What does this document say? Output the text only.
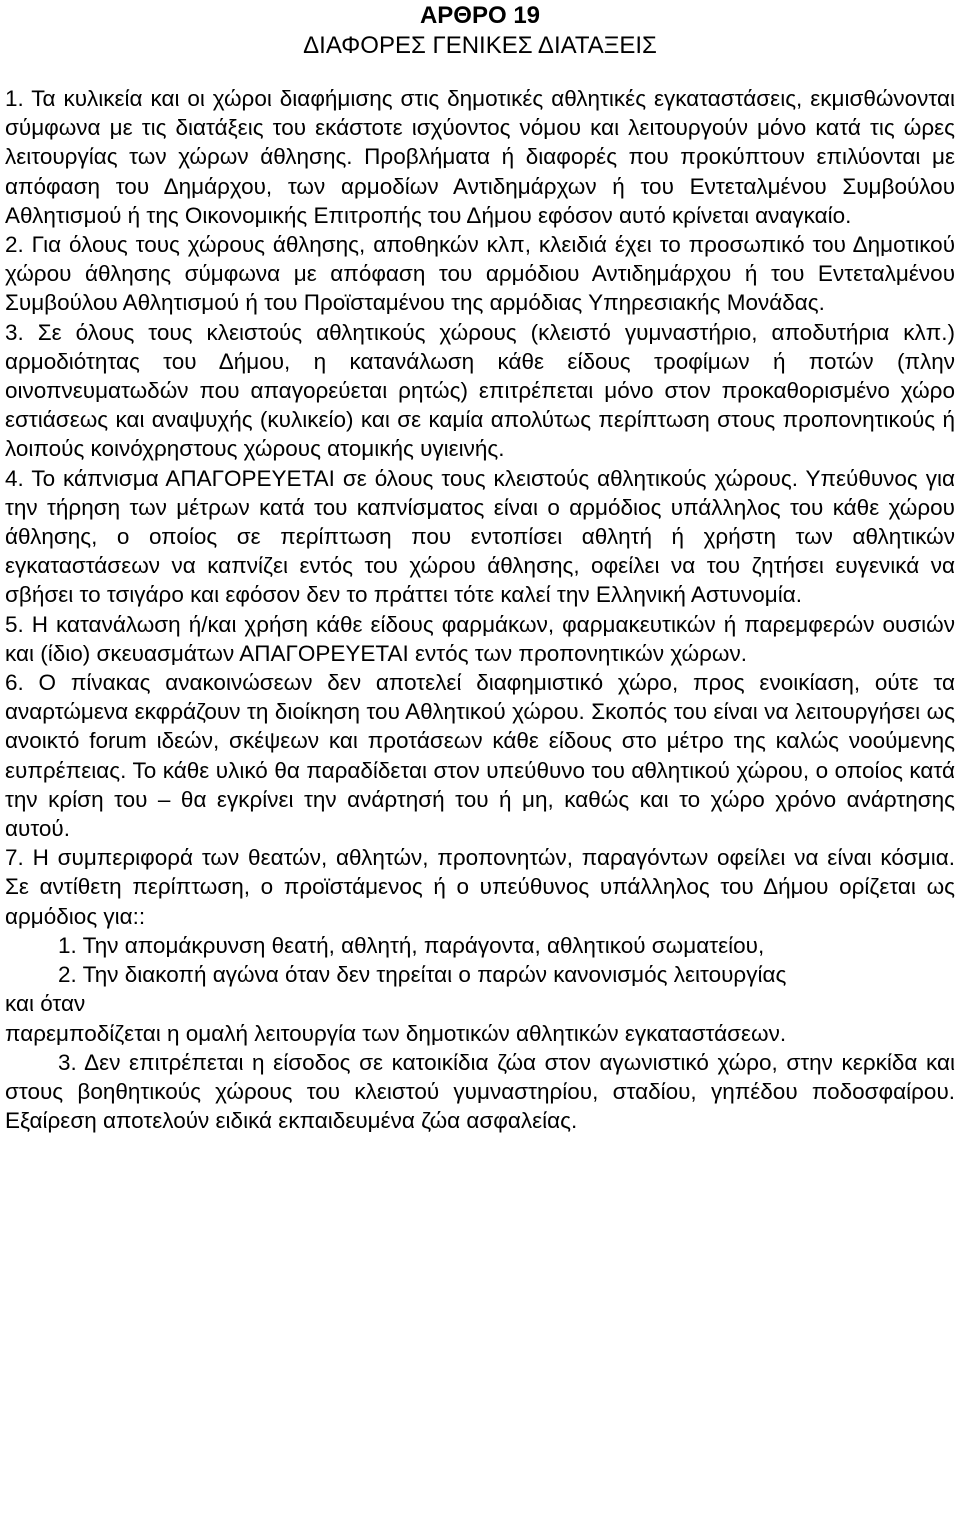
ΑΡΘΡΟ 19
ΔΙΑΦΟΡΕΣ ΓΕΝΙΚΕΣ ΔΙΑΤΑΞΕΙΣ

1. Τα κυλικεία και οι χώροι διαφήμισης στις δημοτικές αθλητικές εγκαταστάσεις, εκμισθώνονται σύμφωνα με τις διατάξεις του εκάστοτε ισχύοντος νόμου και λειτουργούν μόνο κατά τις ώρες λειτουργίας των χώρων άθλησης. Προβλήματα ή διαφορές που προκύπτουν επιλύονται με απόφαση του Δημάρχου, των αρμοδίων Αντιδημάρχων ή του Εντεταλμένου Συμβούλου Αθλητισμού ή της Οικονομικής Επιτροπής του Δήμου εφόσον αυτό κρίνεται αναγκαίο.

2. Για όλους τους χώρους άθλησης, αποθηκών κλπ, κλειδιά έχει το προσωπικό του Δημοτικού χώρου άθλησης σύμφωνα με απόφαση του αρμόδιου Αντιδημάρχου ή του Εντεταλμένου Συμβούλου Αθλητισμού ή του Προϊσταμένου της αρμόδιας Υπηρεσιακής Μονάδας.

3. Σε όλους τους κλειστούς αθλητικούς χώρους (κλειστό γυμναστήριο, αποδυτήρια κλπ.) αρμοδιότητας του Δήμου, η κατανάλωση κάθε είδους τροφίμων ή ποτών (πλην οινοπνευματωδών που απαγορεύεται ρητώς) επιτρέπεται μόνο στον προκαθορισμένο χώρο εστιάσεως και αναψυχής (κυλικείο) και σε καμία απολύτως περίπτωση στους προπονητικούς ή λοιπούς κοινόχρηστους χώρους ατομικής υγιεινής.

4. Το κάπνισμα ΑΠΑΓΟΡΕΥΕΤΑΙ σε όλους τους κλειστούς αθλητικούς χώρους. Υπεύθυνος για την τήρηση των μέτρων κατά του καπνίσματος είναι ο αρμόδιος υπάλληλος του κάθε χώρου άθλησης, ο οποίος σε περίπτωση που εντοπίσει αθλητή ή χρήστη των αθλητικών εγκαταστάσεων να καπνίζει εντός του χώρου άθλησης, οφείλει να του ζητήσει ευγενικά να σβήσει το τσιγάρο και εφόσον δεν το πράττει τότε καλεί την Ελληνική Αστυνομία.

5. Η κατανάλωση ή/και χρήση κάθε είδους φαρμάκων, φαρμακευτικών ή παρεμφερών ουσιών και (ίδιο) σκευασμάτων ΑΠΑΓΟΡΕΥΕΤΑΙ εντός των προπονητικών χώρων.

6. Ο πίνακας ανακοινώσεων δεν αποτελεί διαφημιστικό χώρο, προς ενοικίαση, ούτε τα αναρτώμενα εκφράζουν τη διοίκηση του Αθλητικού χώρου. Σκοπός του είναι να λειτουργήσει ως ανοικτό forum ιδεών, σκέψεων και προτάσεων κάθε είδους στο μέτρο της καλώς νοούμενης ευπρέπειας. Το κάθε υλικό θα παραδίδεται στον υπεύθυνο του αθλητικού χώρου, ο οποίος κατά την κρίση του – θα εγκρίνει την ανάρτησή του ή μη, καθώς και το χώρο χρόνο ανάρτησης αυτού.

7. Η συμπεριφορά των θεατών, αθλητών, προπονητών, παραγόντων οφείλει να είναι κόσμια. Σε αντίθετη περίπτωση, ο προϊστάμενος ή ο υπεύθυνος υπάλληλος του Δήμου ορίζεται ως αρμόδιος για::

1. Την απομάκρυνση θεατή, αθλητή, παράγοντα, αθλητικού σωματείου,

2. Την διακοπή αγώνα όταν δεν τηρείται ο παρών κανονισμός λειτουργίας

και όταν

παρεμποδίζεται η ομαλή λειτουργία των δημοτικών αθλητικών εγκαταστάσεων.

3. Δεν επιτρέπεται η είσοδος σε κατοικίδια ζώα στον αγωνιστικό χώρο, στην κερκίδα και στους βοηθητικούς χώρους του κλειστού γυμναστηρίου, σταδίου, γηπέδου ποδοσφαίρου. Εξαίρεση αποτελούν ειδικά εκπαιδευμένα ζώα ασφαλείας.
